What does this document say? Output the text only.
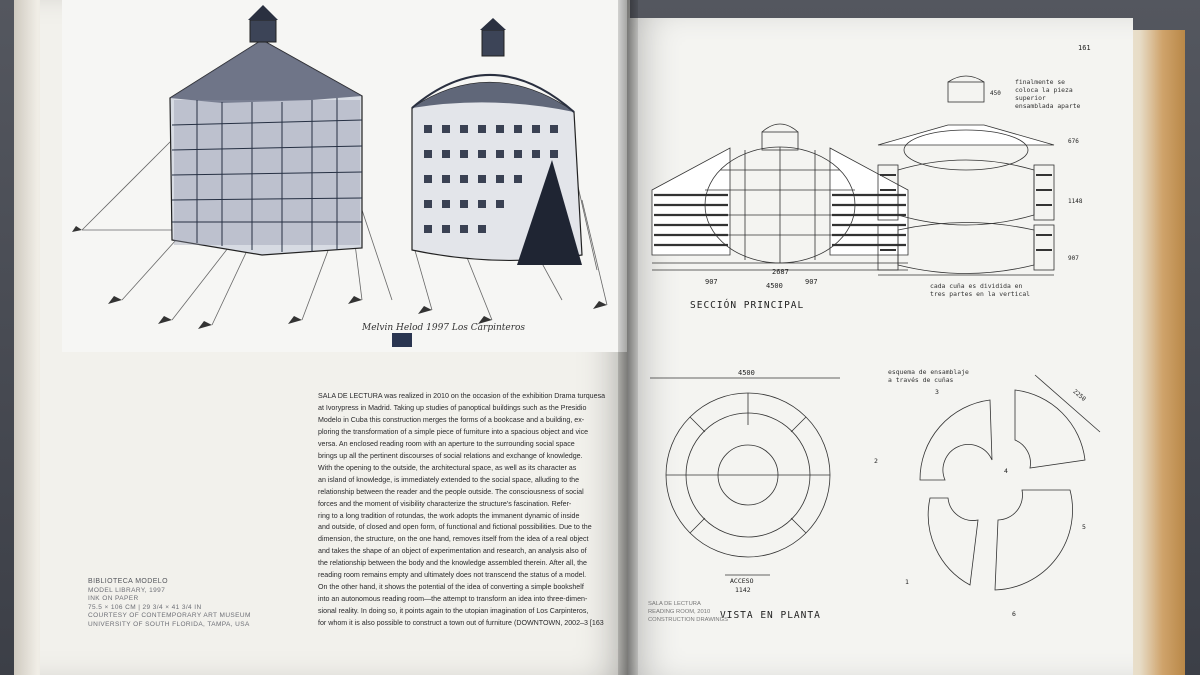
Melvin Helod 1997 Los Carpinteros
BIBLIOTECA MODELO
MODEL LIBRARY, 1997
INK ON PAPER
75.5 × 106 CM | 29 3/4 × 41 3/4 IN
COURTESY OF CONTEMPORARY ART MUSEUM
UNIVERSITY OF SOUTH FLORIDA, TAMPA, USA

SALA DE LECTURA was realized in 2010 on the occasion of the exhibition Drama turquesa

at Ivorypress in Madrid. Taking up studies of panoptical buildings such as the Presidio

Modelo in Cuba this construction merges the forms of a bookcase and a building, ex-

ploring the transformation of a simple piece of furniture into a spacious object and vice

versa. An enclosed reading room with an aperture to the surrounding social space

brings up all the pertinent discourses of social relations and exchange of knowledge.

With the opening to the outside, the architectural space, as well as its character as

an island of knowledge, is immediately extended to the social space, alluding to the

relationship between the reader and the people outside. The consciousness of social

forces and the moment of visibility characterize the structure's fascination. Refer-

ring to a long tradition of rotundas, the work adopts the immanent dynamic of inside

and outside, of closed and open form, of functional and fictional possibilities. Due to the

dimension, the structure, on the one hand, removes itself from the idea of a real object

and takes the shape of an object of experimentation and research, an analysis also of

the relationship between the body and the knowledge assembled therein. After all, the

reading room remains empty and ultimately does not transcend the status of a model.

On the other hand, it shows the potential of the idea of converting a simple bookshelf

into an autonomous reading room—the attempt to transform an idea into three-dimen-

sional reality. In doing so, it points again to the utopian imagination of Los Carpinteros,

for whom it is also possible to construct a town out of furniture (DOWNTOWN, 2002–3 [163

161
907
2687
907
4500
SECCIÓN PRINCIPAL
450
676
1148
907
finalmente se
coloca la pieza
superior
ensamblada aparte
cada cuña es dividida en
tres partes en la vertical
esquema de ensamblaje
a través de cuñas
4500
ACCESO
1142
VISTA EN PLANTA
2250
1
2
3
4
5
6
SALA DE LECTURA
READING ROOM, 2010
CONSTRUCTION DRAWINGS
